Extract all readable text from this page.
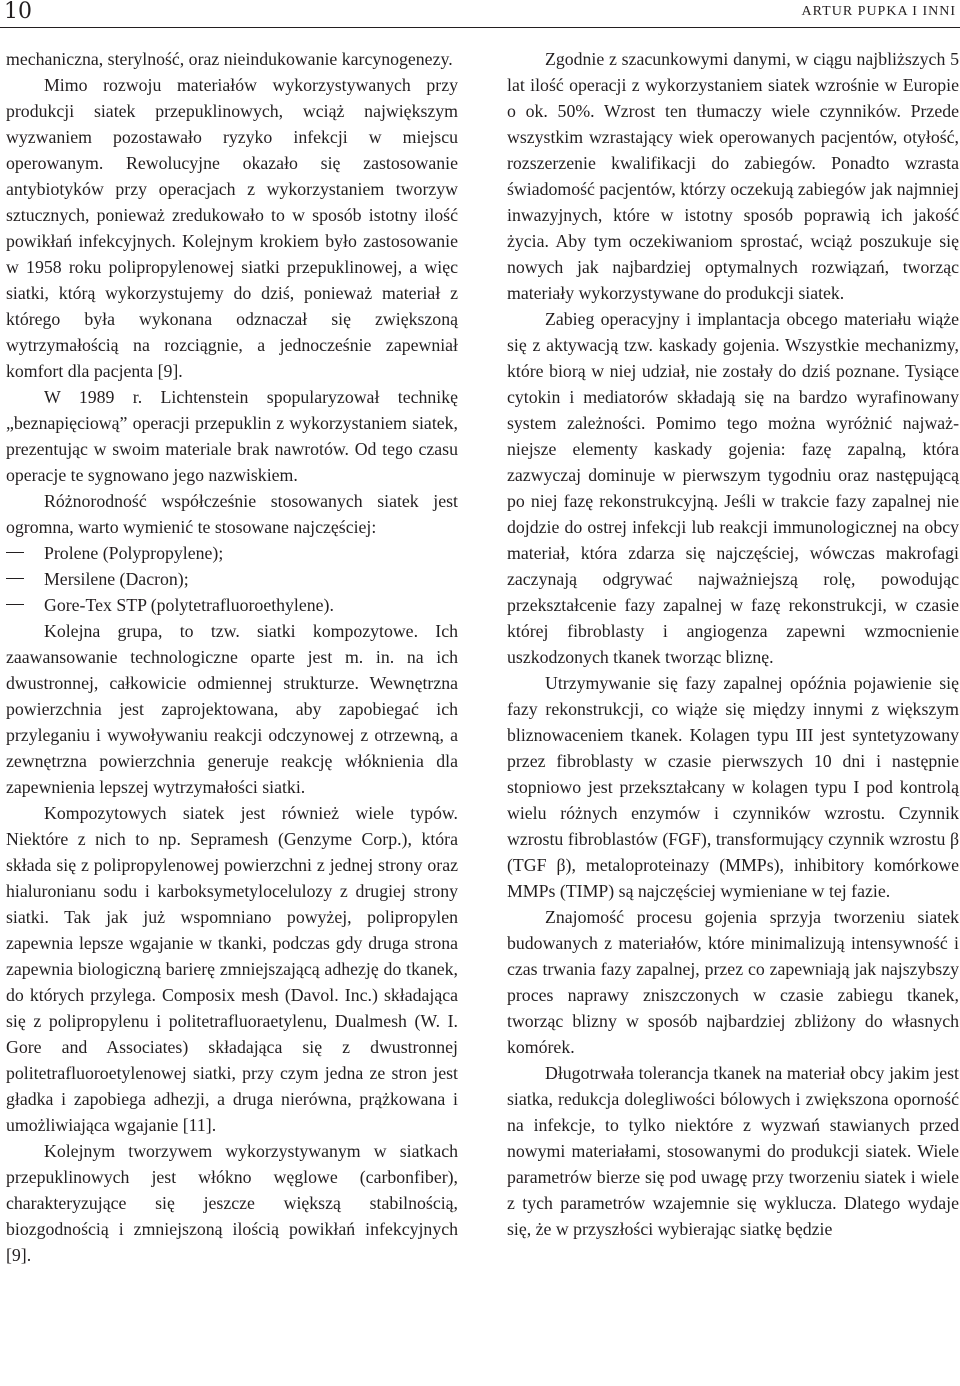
10	ARTUR PUPKA I INNI

mechaniczna, sterylność, oraz nieindukowanie karcynogenezy.

Mimo rozwoju materiałów wykorzystywanych przy produkcji siatek przepuklinowych, wciąż największym wyzwaniem pozostawało ryzyko infekcji w miejscu operowanym. Rewolucyjne okazało się zastosowanie antybiotyków przy operacjach z wykorzystaniem tworzyw sztucznych, ponieważ zredukowało to w sposób istotny ilość powikłań infekcyjnych. Kolejnym krokiem było zastosowanie w 1958 roku polipropylenowej siatki przepuklinowej, a więc siatki, którą wykorzystujemy do dziś, ponieważ materiał z którego była wykonana odznaczał się zwiększoną wytrzymałością na rozciągnie, a jednocześnie zapewniał komfort dla pacjenta [9].

W 1989 r. Lichtenstein spopularyzował technikę „beznapięciową” operacji przepuklin z wykorzystaniem siatek, prezentując w swoim materiale brak nawrotów. Od tego czasu operacje te sygnowano jego nazwiskiem.

Różnorodność współcześnie stosowanych siatek jest ogromna, warto wymienić te stosowane najczęściej:

Prolene (Polypropylene);
Mersilene (Dacron);
Gore-Tex STP (polytetrafluoroethylene).

Kolejna grupa, to tzw. siatki kompozytowe. Ich zaawansowanie technologiczne oparte jest m. in. na ich dwustronnej, całkowicie odmiennej strukturze. Wewnętrzna powierzchnia jest zaprojektowana, aby zapobiegać ich przyleganiu i wywoływaniu reakcji odczynowej z otrzewną, a zewnętrzna powierzchnia generuje reakcję włóknienia dla zapewnienia lepszej wytrzymałości siatki.

Kompozytowych siatek jest również wiele typów. Niektóre z nich to np. Sepramesh (Genzyme Corp.), która składa się z polipropylenowej powierzchni z jednej strony oraz hialuronianu sodu i karboksymetylocelulozy z drugiej strony siatki. Tak jak już wspomniano powyżej, polipropylen zapewnia lepsze wgajanie w tkanki, podczas gdy druga strona zapewnia biologiczną barierę zmniejszającą adhezję do tkanek, do których przylega. Composix mesh (Davol. Inc.) składająca się z polipropylenu i politetrafluoraetylenu, Dualmesh (W. I. Gore and Associates) składająca się z dwustronnej politetrafluoroetylenowej siatki, przy czym jedna ze stron jest gładka i zapobiega adhezji, a druga nierówna, prążkowana i umożliwiająca wgajanie [11].

Kolejnym tworzywem wykorzystywanym w siatkach przepuklinowych jest włókno węglowe (carbonfiber), charakteryzujące się jeszcze większą stabilnością, biozgodnością i zmniejszoną ilością powikłań infekcyjnych [9].

Zgodnie z szacunkowymi danymi, w ciągu najbliższych 5 lat ilość operacji z wykorzystaniem siatek wzrośnie w Europie o ok. 50%. Wzrost ten tłumaczy wiele czynników. Przede wszystkim wzrastający wiek operowanych pacjentów, otyłość, rozszerzenie kwalifikacji do zabiegów. Ponadto wzrasta świadomość pacjentów, którzy oczekują zabiegów jak najmniej inwazyjnych, które w istotny sposób poprawią ich jakość życia. Aby tym oczekiwaniom sprostać, wciąż poszukuje się nowych jak najbardziej optymalnych rozwiązań, tworząc materiały wykorzystywane do produkcji siatek.

Zabieg operacyjny i implantacja obcego materiału wiąże się z aktywacją tzw. kaskady gojenia. Wszystkie mechanizmy, które biorą w niej udział, nie zostały do dziś poznane. Tysiące cytokin i mediatorów składają się na bardzo wyrafinowany system zależności. Pomimo tego można wyróżnić najważniejsze elementy kaskady gojenia: fazę zapalną, która zazwyczaj dominuje w pierwszym tygodniu oraz następującą po niej fazę rekonstrukcyjną. Jeśli w trakcie fazy zapalnej nie dojdzie do ostrej infekcji lub reakcji immunologicznej na obcy materiał, która zdarza się najczęściej, wówczas makrofagi zaczynają odgrywać najważniejszą rolę, powodując przekształcenie fazy zapalnej w fazę rekonstrukcji, w czasie której fibroblasty i angiogenza zapewni wzmocnienie uszkodzonych tkanek tworząc bliznę.

Utrzymywanie się fazy zapalnej opóźnia pojawienie się fazy rekonstrukcji, co wiąże się między innymi z większym bliznowaceniem tkanek. Kolagen typu III jest syntetyzowany przez fibroblasty w czasie pierwszych 10 dni i następnie stopniowo jest przekształcany w kolagen typu I pod kontrolą wielu różnych enzymów i czynników wzrostu. Czynnik wzrostu fibroblastów (FGF), transformujący czynnik wzrostu β (TGF β), metaloproteinazy (MMPs), inhibitory komórkowe MMPs (TIMP) są najczęściej wymieniane w tej fazie.

Znajomość procesu gojenia sprzyja tworzeniu siatek budowanych z materiałów, które minimalizują intensywność i czas trwania fazy zapalnej, przez co zapewniają jak najszybszy proces naprawy zniszczonych w czasie zabiegu tkanek, tworząc blizny w sposób najbardziej zbliżony do własnych komórek.

Długotrwała tolerancja tkanek na materiał obcy jakim jest siatka, redukcja dolegliwości bólowych i zwiększona oporność na infekcje, to tylko niektóre z wyzwań stawianych przed nowymi materiałami, stosowanymi do produkcji siatek. Wiele parametrów bierze się pod uwagę przy tworzeniu siatek i wiele z tych parametrów wzajemnie się wyklucza. Dlatego wydaje się, że w przyszłości wybierając siatkę będzie
